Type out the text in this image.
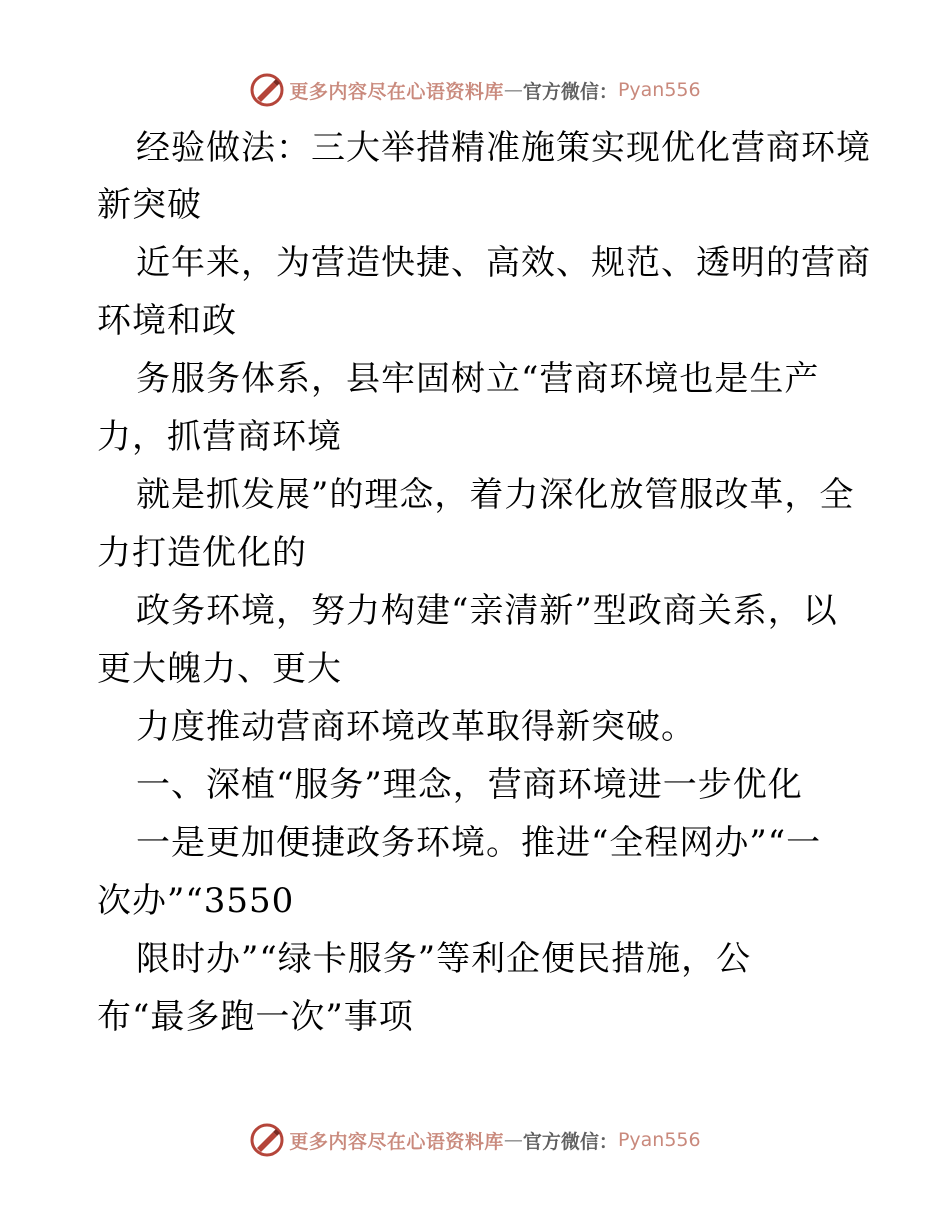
更多内容尽在心语资料库 — 官方微信： Pyan556
经验做法：三大举措精准施策实现优化营商环境
新突破
近年来，为营造快捷、高效、规范、透明的营商
环境和政
务服务体系，县牢固树立“营商环境也是生产
力，抓营商环境
就是抓发展”的理念，着力深化放管服改革，全
力打造优化的
政务环境，努力构建“亲清新”型政商关系，以
更大魄力、更大
力度推动营商环境改革取得新突破。
一、深植“服务”理念，营商环境进一步优化
一是更加便捷政务环境。推进“全程网办”“一
次办”“3550
限时办”“绿卡服务”等利企便民措施，公
布“最多跑一次”事项
更多内容尽在心语资料库 — 官方微信： Pyan556
